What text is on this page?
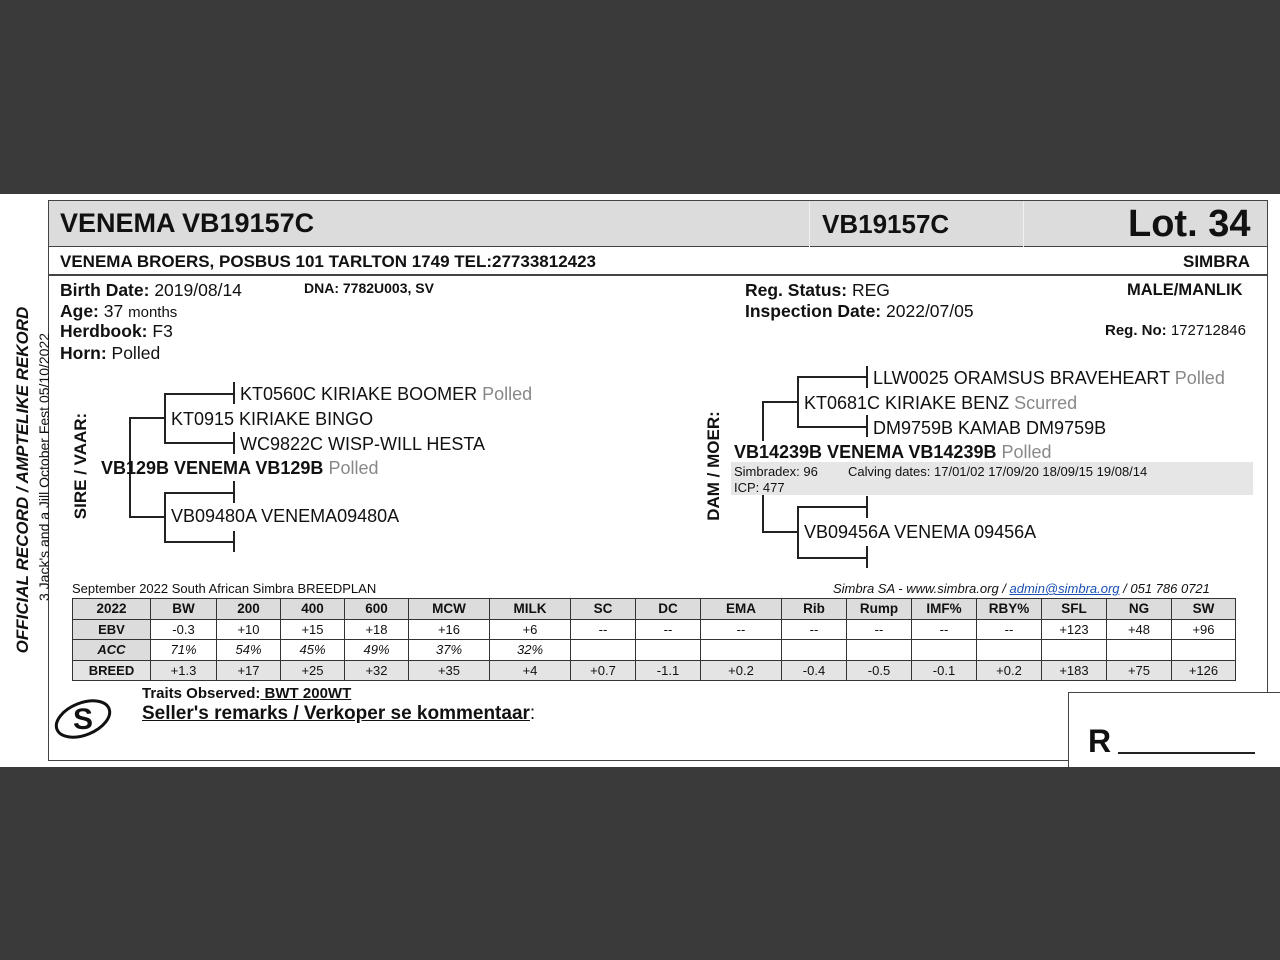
VENEMA VB19157C	VB19157C	Lot. 34
VENEMA BROERS, POSBUS 101 TARLTON 1749 TEL:27733812423	SIMBRA
Birth Date: 2019/08/14	DNA: 7782U003, SV
Age: 37 months
Herdbook: F3
Horn: Polled
Reg. Status: REG
Inspection Date: 2022/07/05
MALE/MANLIK
Reg. No: 172712846
OFFICIAL RECORD / AMPTELIKE REKORD 3 Jack's and a Jill October Fest 05/10/2022 SIRE / VAAR:
KT0560C KIRIAKE BOOMER Polled
KT0915 KIRIAKE BINGO
WC9822C WISP-WILL HESTA
VB129B VENEMA VB129B Polled
VB09480A VENEMA09480A	DAM / MOER:
LLW0025 ORAMSUS BRAVEHEART Polled
KT0681C KIRIAKE BENZ Scurred
DM9759B KAMAB DM9759B
VB14239B VENEMA VB14239B Polled
Simbradex: 96 Calving dates: 17/01/02 17/09/20 18/09/15 19/08/14
ICP: 477
VB09456A VENEMA 09456A
September 2022 South African Simbra BREEDPLAN	Simbra SA - www.simbra.org / admin@simbra.org / 051 786 0721
2022	BW	200	400	600	MCW	MILK	SC	DC	EMA	Rib	Rump	IMF%	RBY%	SFL	NG	SW
EBV	-0.3	+10	+15	+18	+16	+6	--	--	--	--	--	--	--	+123	+48	+96
ACC	71%	54%	45%	49%	37%	32%										
BREED	+1.3	+17	+25	+32	+35	+4	+0.7	-1.1	+0.2	-0.4	-0.5	-0.1	+0.2	+183	+75	+126
S
Traits Observed: BWT 200WT
Seller's remarks / Verkoper se kommentaar:
R
